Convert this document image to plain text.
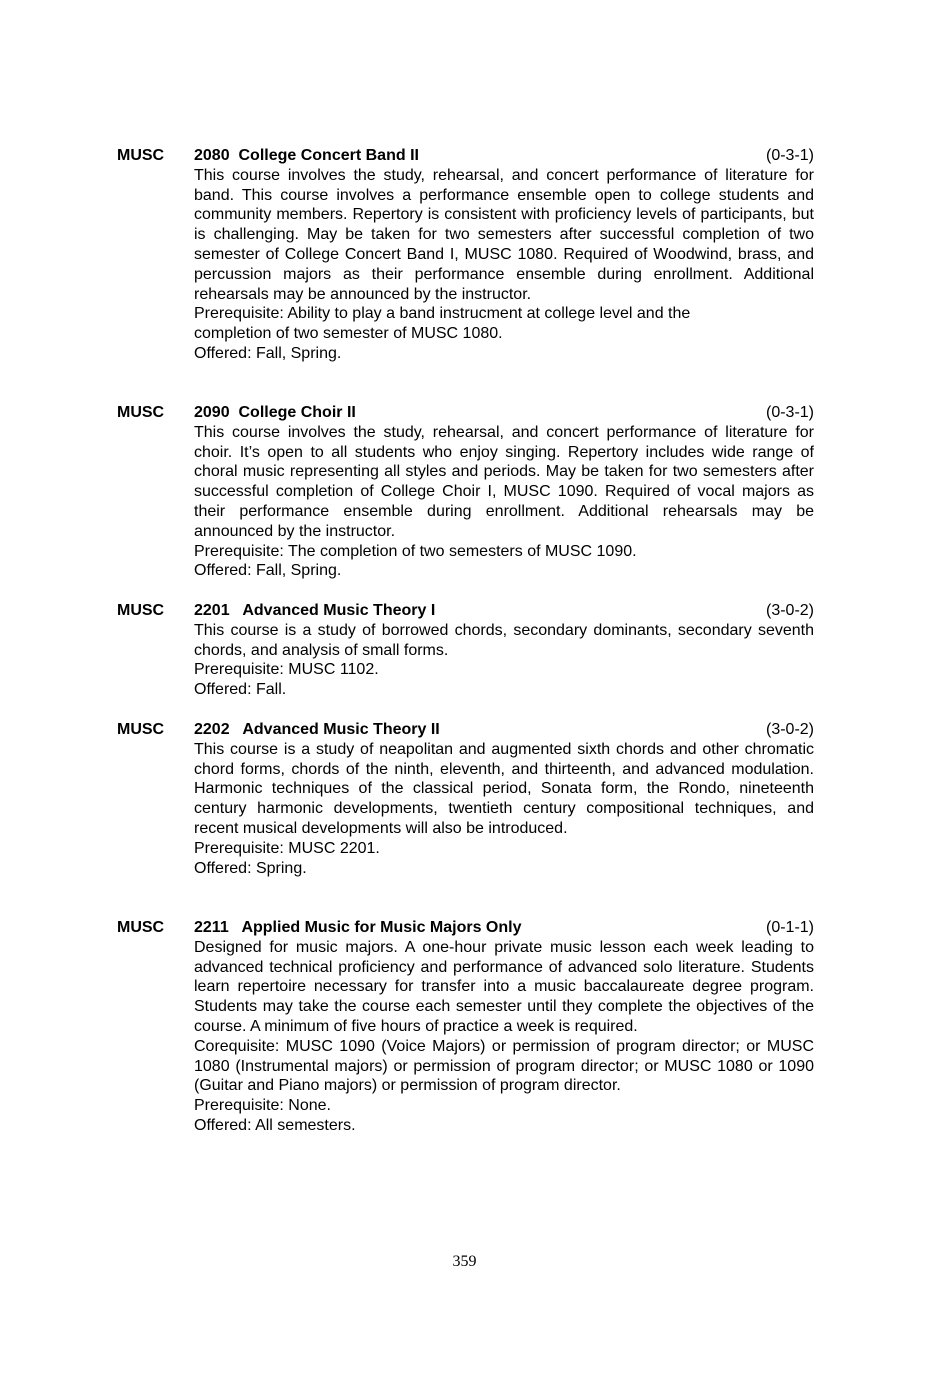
MUSC 2080  College Concert Band II	(0-3-1)

This course involves the study, rehearsal, and concert performance of literature for band. This course involves a performance ensemble open to college students and community members. Repertory is consistent with proficiency levels of participants, but is challenging. May be taken for two semesters after successful completion of two semester of College Concert Band I, MUSC 1080. Required of Woodwind, brass, and percussion majors as their performance ensemble during enrollment. Additional rehearsals may be announced by the instructor.

Prerequisite: Ability to play a band instrucment at college level and the

completion of two semester of MUSC 1080.

Offered: Fall, Spring.

MUSC 2090  College Choir II	(0-3-1)

This course involves the study, rehearsal, and concert performance of literature for choir. It’s open to all students who enjoy singing. Repertory includes wide range of choral music representing all styles and periods. May be taken for two semesters after successful completion of College Choir I, MUSC 1090. Required of vocal majors as their performance ensemble during enrollment. Additional rehearsals may be announced by the instructor.

Prerequisite: The completion of two semesters of MUSC 1090.

Offered: Fall, Spring.

MUSC 2201   Advanced Music Theory I	(3-0-2)

This course is a study of borrowed chords, secondary dominants, secondary seventh chords, and analysis of small forms.

Prerequisite: MUSC 1102.

Offered: Fall.

MUSC 2202   Advanced Music Theory II	(3-0-2)

This course is a study of neapolitan and augmented sixth chords and other chromatic chord forms, chords of the ninth, eleventh, and thirteenth, and advanced modulation. Harmonic techniques of the classical period, Sonata form, the Rondo, nineteenth century harmonic developments, twentieth century compositional techniques, and recent musical developments will also be introduced.

Prerequisite: MUSC 2201.

Offered: Spring.

MUSC 2211   Applied Music for Music Majors Only	(0-1-1)

Designed for music majors. A one-hour private music lesson each week leading to advanced technical proficiency and performance of advanced solo literature. Students learn repertoire necessary for transfer into a music baccalaureate degree program. Students may take the course each semester until they complete the objectives of the course. A minimum of five hours of practice a week is required.

Corequisite: MUSC 1090 (Voice Majors) or permission of program director; or MUSC 1080 (Instrumental majors) or permission of program director; or MUSC 1080 or 1090 (Guitar and Piano majors) or permission of program director.

Prerequisite: None.

Offered: All semesters.

359
